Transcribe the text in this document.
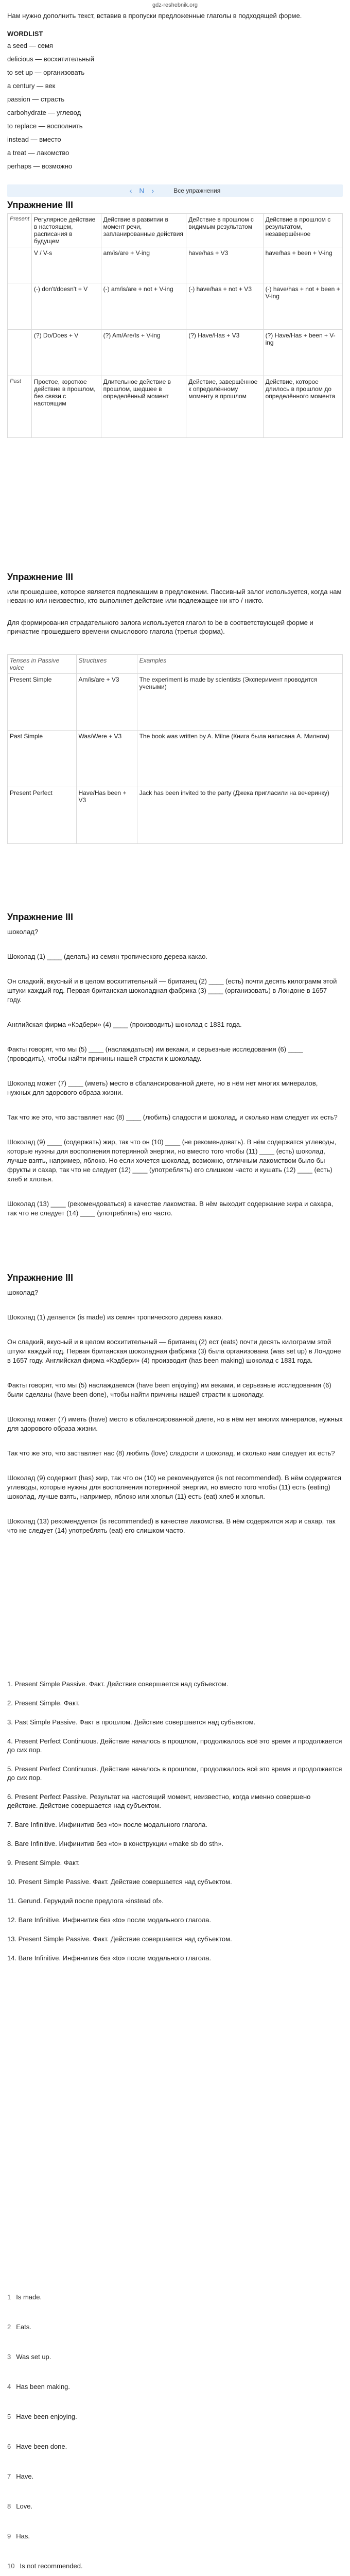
gdz-reshebnik.org
Нам нужно дополнить текст, вставив в пропуски предложенные глаголы в подходящей форме.
WORDLIST
a seed — семя
delicious — восхитительный
to set up — организовать
a century — век
passion — страсть
carbohydrate — углевод
to replace — восполнить
instead — вместо
a treat — лакомство
perhaps — возможно
‹ N ›	Все упражнения
Упражнение III
Present	Регулярное действие в настоящем, расписания в будущем	Действие в развитии в момент речи, запланированные действия	Действие в прошлом с видимым результатом	Действие в прошлом с результатом, незавершённое
	V / V-s	am/is/are + V-ing	have/has + V3	have/has + been + V-ing
	(-) don't/doesn't + V	(-) am/is/are + not + V-ing	(-) have/has + not + V3	(-) have/has + not + been + V-ing
	(?) Do/Does + V	(?) Am/Are/Is + V-ing	(?) Have/Has + V3	(?) Have/Has + been + V-ing
Past	Простое, короткое действие в прошлом, без связи с настоящим	Длительное действие в прошлом, шедшее в определённый момент	Действие, завершённое к определённому моменту в прошлом	Действие, которое длилось в прошлом до определённого момента
Упражнение III
или прошедшее, которое является подлежащим в предложении. Пассивный залог используется, когда нам неважно или неизвестно, кто выполняет действие или подлежащее ни кто / никто.
Для формирования страдательного залога используется глагол to be в соответствующей форме и причастие прошедшего времени смыслового глагола (третья форма).
Tenses in Passive voice	Structures	Examples
Present Simple	Am/is/are + V3	The experiment is made by scientists (Эксперимент проводится учеными)
Past Simple	Was/Were + V3	The book was written by A. Milne (Книга была написана А. Милном)
Present Perfect	Have/Has been + V3	Jack has been invited to the party (Джека пригласили на вечеринку)
Упражнение III
шоколад?
Шоколад (1) ____ (делать) из семян тропического дерева какао.
Он сладкий, вкусный и в целом восхитительный — британец (2) ____ (есть) почти десять килограмм этой штуки каждый год. Первая британская шоколадная фабрика (3) ____ (организовать) в Лондоне в 1657 году.
Английская фирма «Кэдбери» (4) ____ (производить) шоколад с 1831 года.
Факты говорят, что мы (5) ____ (наслаждаться) им веками, и серьезные исследования (6) ____ (проводить), чтобы найти причины нашей страсти к шоколаду.
Шоколад может (7) ____ (иметь) место в сбалансированной диете, но в нём нет многих минералов, нужных для здорового образа жизни.
Так что же это, что заставляет нас (8) ____ (любить) сладости и шоколад, и сколько нам следует их есть?
Шоколад (9) ____ (содержать) жир, так что он (10) ____ (не рекомендовать). В нём содержатся углеводы, которые нужны для восполнения потерянной энергии, но вместо того чтобы (11) ____ (есть) шоколад, лучше взять, например, яблоко. Но если хочется шоколад, возможно, отличным лакомством было бы фрукты и сахар, так что не следует (12) ____ (употреблять) его слишком часто и кушать (12) ____ (есть) хлеб и хлопья.
Шоколад (13) ____ (рекомендоваться) в качестве лакомства. В нём выходит содержание жира и сахара, так что не следует (14) ____ (употреблять) его часто.
Упражнение III
шоколад?
Шоколад (1) делается (is made) из семян тропического дерева какао.
Он сладкий, вкусный и в целом восхитительный — британец (2) ест (eats) почти десять килограмм этой штуки каждый год. Первая британская шоколадная фабрика (3) была организована (was set up) в Лондоне в 1657 году. Английская фирма «Кэдбери» (4) производит (has been making) шоколад с 1831 года.
Факты говорят, что мы (5) наслаждаемся (have been enjoying) им веками, и серьезные исследования (6) были сделаны (have been done), чтобы найти причины нашей страсти к шоколаду.
Шоколад может (7) иметь (have) место в сбалансированной диете, но в нём нет многих минералов, нужных для здорового образа жизни.
Так что же это, что заставляет нас (8) любить (love) сладости и шоколад, и сколько нам следует их есть?
Шоколад (9) содержит (has) жир, так что он (10) не рекомендуется (is not recommended). В нём содержатся углеводы, которые нужны для восполнения потерянной энергии, но вместо того чтобы (11) есть (eating) шоколад, лучше взять, например, яблоко или хлопья (11) есть (eat) хлеб и хлопья.
Шоколад (13) рекомендуется (is recommended) в качестве лакомства. В нём содержится жир и сахар, так что не следует (14) употреблять (eat) его слишком часто.
1. Present Simple Passive. Факт. Действие совершается над субъектом.
2. Present Simple. Факт.
3. Past Simple Passive. Факт в прошлом. Действие совершается над субъектом.
4. Present Perfect Continuous. Действие началось в прошлом, продолжалось всё это время и продолжается до сих пор.
5. Present Perfect Continuous. Действие началось в прошлом, продолжалось всё это время и продолжается до сих пор.
6. Present Perfect Passive. Результат на настоящий момент, неизвестно, когда именно совершено действие. Действие совершается над субъектом.
7. Bare Infinitive. Инфинитив без «to» после модального глагола.
8. Bare Infinitive. Инфинитив без «to» в конструкции «make sb do sth».
9. Present Simple. Факт.
10. Present Simple Passive. Факт. Действие совершается над субъектом.
11. Gerund. Герундий после предлога «instead of».
12. Bare Infinitive. Инфинитив без «to» после модального глагола.
13. Present Simple Passive. Факт. Действие совершается над субъектом.
14. Bare Infinitive. Инфинитив без «to» после модального глагола.
1 Is made.
2 Eats.
3 Was set up.
4 Has been making.
5 Have been enjoying.
6 Have been done.
7 Have.
8 Love.
9 Has.
10 Is not recommended.
